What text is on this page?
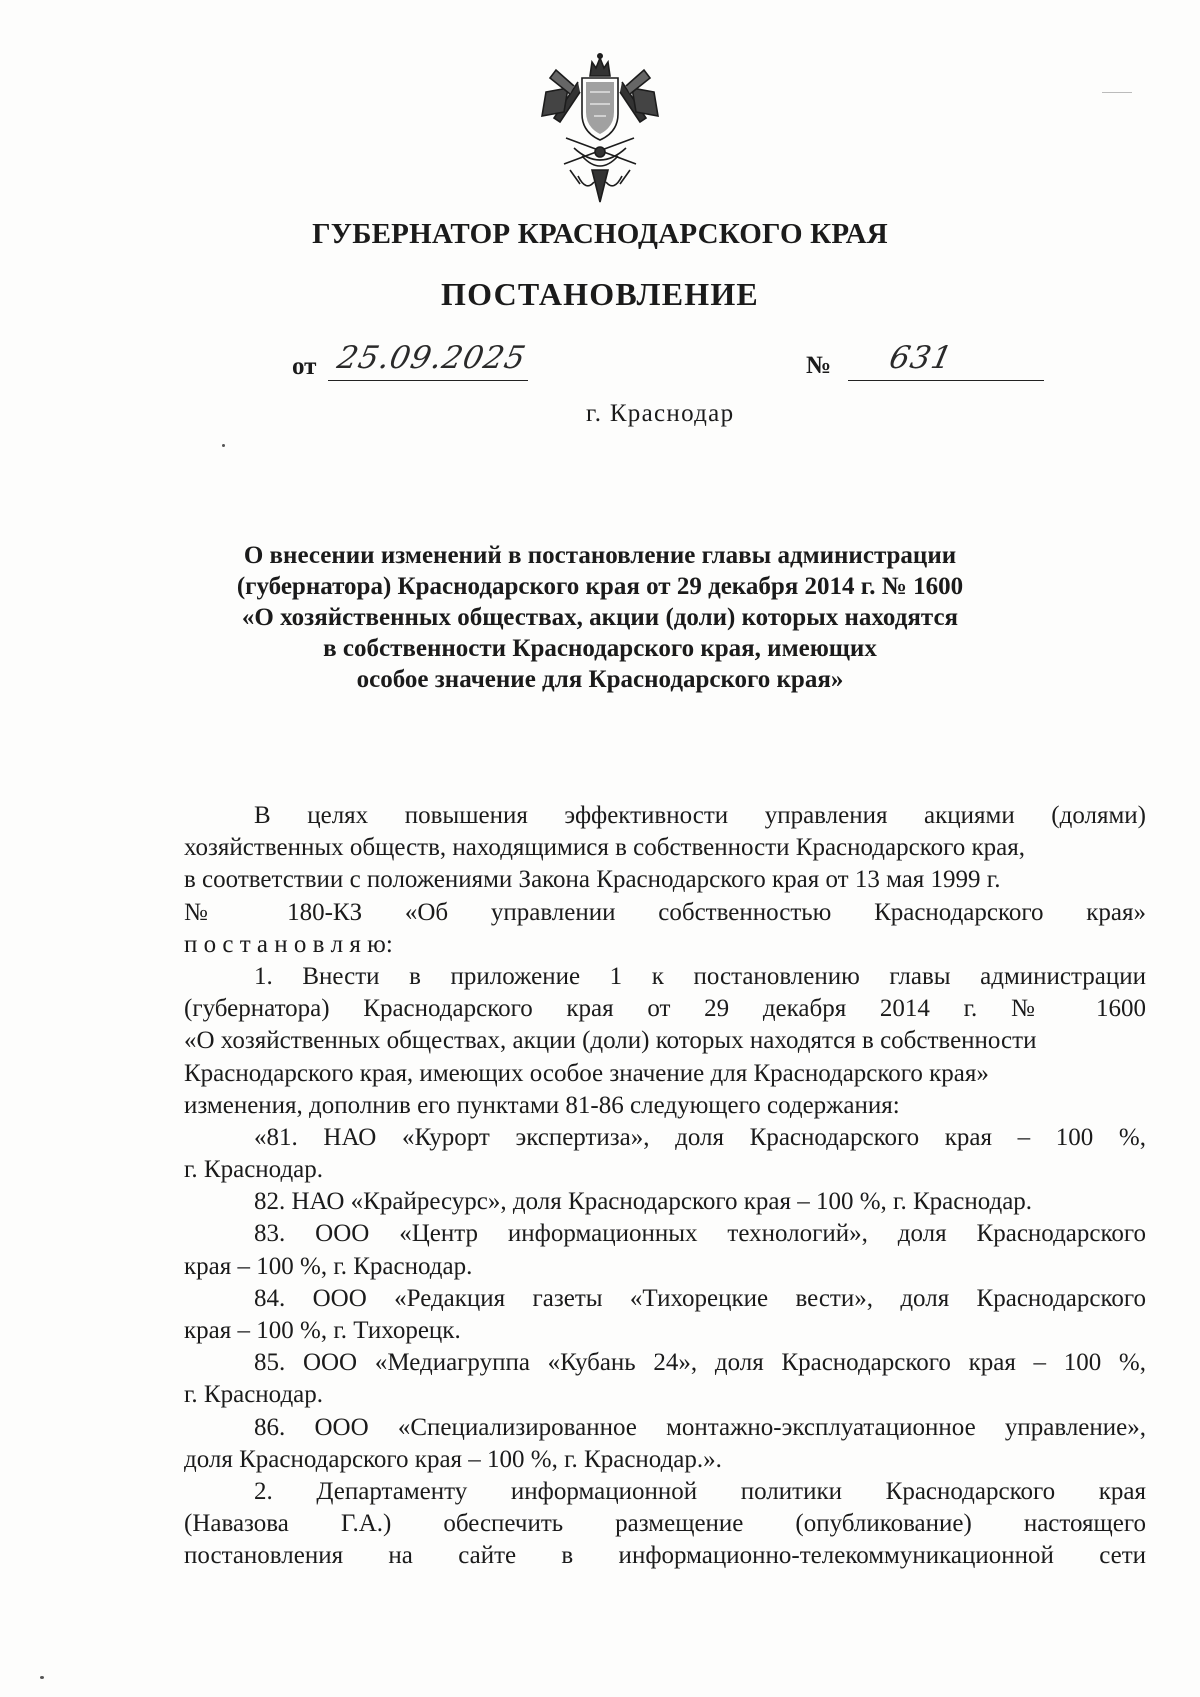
ГУБЕРНАТОР КРАСНОДАРСКОГО КРАЯ
ПОСТАНОВЛЕНИЕ
от 25.09.2025	№	631
г. Краснодар
О внесении изменений в постановление главы администрации
(губернатора) Краснодарского края от 29 декабря 2014 г. № 1600
«О хозяйственных обществах, акции (доли) которых находятся
в собственности Краснодарского края, имеющих
особое значение для Краснодарского края»
В целях повышения эффективности управления акциями (долями)
хозяйственных обществ, находящимися в собственности Краснодарского края,
в соответствии с положениями Закона Краснодарского края от 13 мая 1999 г.
№ 180-КЗ «Об управлении собственностью Краснодарского края»
п о с т а н о в л я ю:
1. Внести в приложение 1 к постановлению главы администрации
(губернатора) Краснодарского края от 29 декабря 2014 г. № 1600
«О хозяйственных обществах, акции (доли) которых находятся в собственности
Краснодарского края, имеющих особое значение для Краснодарского края»
изменения, дополнив его пунктами 81-86 следующего содержания:
«81. НАО «Курорт экспертиза», доля Краснодарского края – 100 %,
г. Краснодар.
82. НАО «Крайресурс», доля Краснодарского края – 100 %, г. Краснодар.
83. ООО «Центр информационных технологий», доля Краснодарского
края – 100 %, г. Краснодар.
84. ООО «Редакция газеты «Тихорецкие вести», доля Краснодарского
края – 100 %, г. Тихорецк.
85. ООО «Медиагруппа «Кубань 24», доля Краснодарского края – 100 %,
г. Краснодар.
86. ООО «Специализированное монтажно-эксплуатационное управление»,
доля Краснодарского края – 100 %, г. Краснодар.».
2. Департаменту информационной политики Краснодарского края
(Навазова Г.А.) обеспечить размещение (опубликование) настоящего
постановления на сайте в информационно-телекоммуникационной сети
